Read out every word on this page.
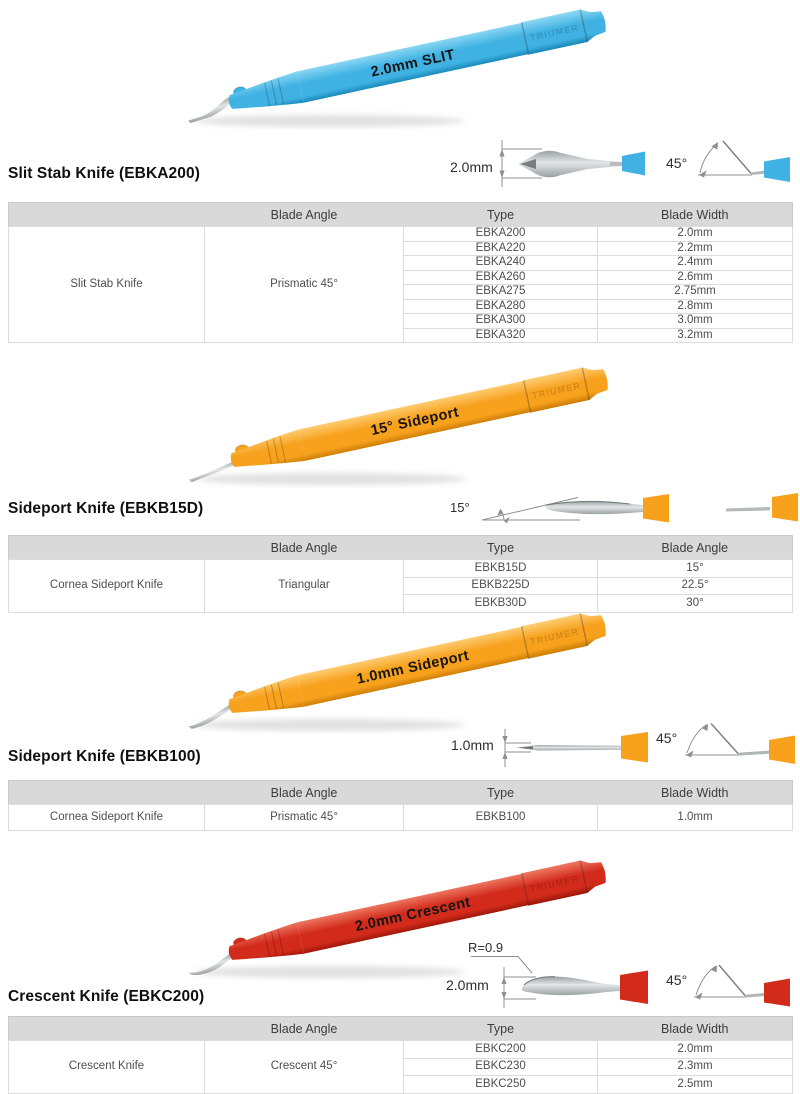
TRIUMER
2.0mm SLIT
Slit Stab Knife (EBKA200)	2.0mm	45°
	Blade Angle	Type	Blade Width
Slit Stab Knife	Prismatic 45°	EBKA200	2.0mm
		EBKA220	2.2mm
		EBKA240	2.4mm
		EBKA260	2.6mm
		EBKA275	2.75mm
		EBKA280	2.8mm
		EBKA300	3.0mm
		EBKA320	3.2mm
TRIUMER
15° Sideport
Sideport Knife (EBKB15D)	15°
	Blade Angle	Type	Blade Angle
Cornea Sideport Knife	Triangular	EBKB15D	15°
		EBKB225D	22.5°
		EBKB30D	30°
TRIUMER
1.0mm Sideport
Sideport Knife (EBKB100)
1.0mm	45°
	Blade Angle	Type	Blade Width
Cornea Sideport Knife	Prismatic 45°	EBKB100	1.0mm
TRIUMER
2.0mm Crescent
Crescent Knife (EBKC200)
R=0.9
2.0mm	45°
	Blade Angle	Type	Blade Width
Crescent Knife	Crescent 45°	EBKC200	2.0mm
		EBKC230	2.3mm
		EBKC250	2.5mm
